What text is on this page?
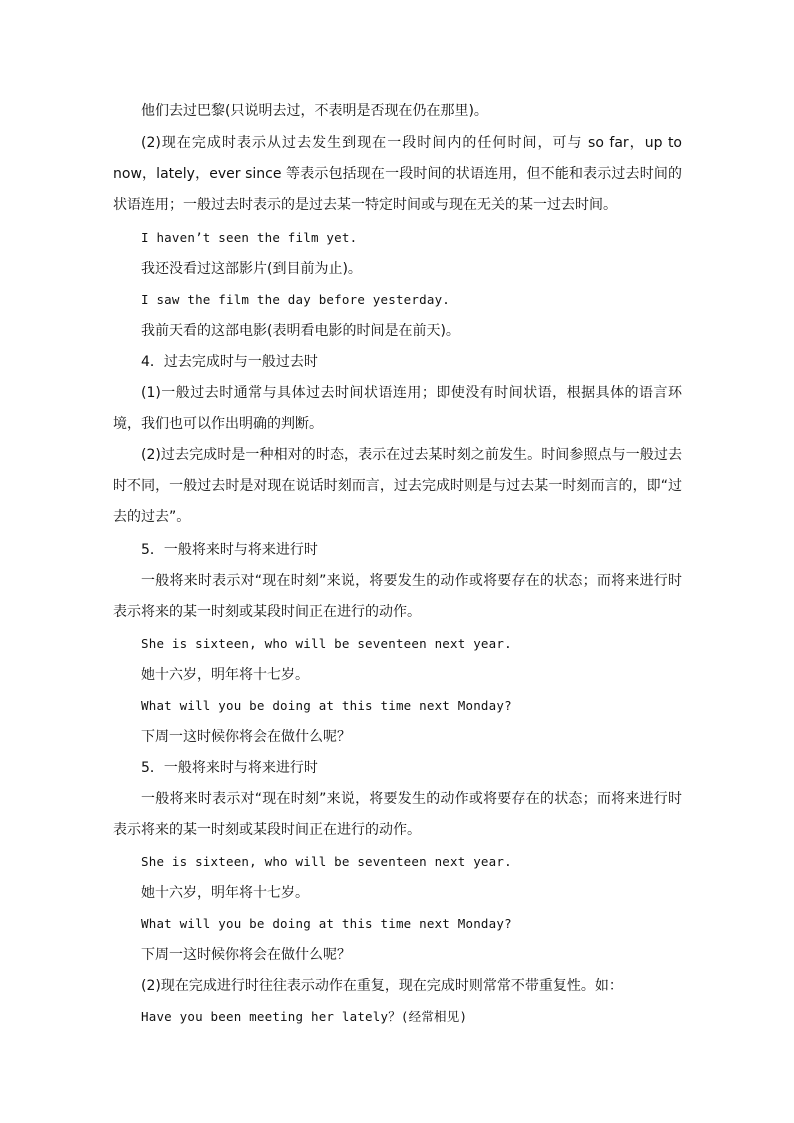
他们去过巴黎(只说明去过，不表明是否现在仍在那里)。
(2)现在完成时表示从过去发生到现在一段时间内的任何时间，可与 so far，up to now，lately，ever since 等表示包括现在一段时间的状语连用，但不能和表示过去时间的状语连用；一般过去时表示的是过去某一特定时间或与现在无关的某一过去时间。
I haven’t seen the film yet.
我还没看过这部影片(到目前为止)。
I saw the film the day before yesterday.
我前天看的这部电影(表明看电影的时间是在前天)。
4．过去完成时与一般过去时
(1)一般过去时通常与具体过去时间状语连用；即使没有时间状语，根据具体的语言环境，我们也可以作出明确的判断。
(2)过去完成时是一种相对的时态，表示在过去某时刻之前发生。时间参照点与一般过去时不同，一般过去时是对现在说话时刻而言，过去完成时则是与过去某一时刻而言的，即“过去的过去”。
5．一般将来时与将来进行时
一般将来时表示对“现在时刻”来说，将要发生的动作或将要存在的状态；而将来进行时表示将来的某一时刻或某段时间正在进行的动作。
She is sixteen, who will be seventeen next year.
她十六岁，明年将十七岁。
What will you be doing at this time next Monday?
下周一这时候你将会在做什么呢？
5．一般将来时与将来进行时
一般将来时表示对“现在时刻”来说，将要发生的动作或将要存在的状态；而将来进行时表示将来的某一时刻或某段时间正在进行的动作。
She is sixteen, who will be seventeen next year.
她十六岁，明年将十七岁。
What will you be doing at this time next Monday?
下周一这时候你将会在做什么呢？
(2)现在完成进行时往往表示动作在重复，现在完成时则常常不带重复性。如：
Have you been meeting her lately？(经常相见)
